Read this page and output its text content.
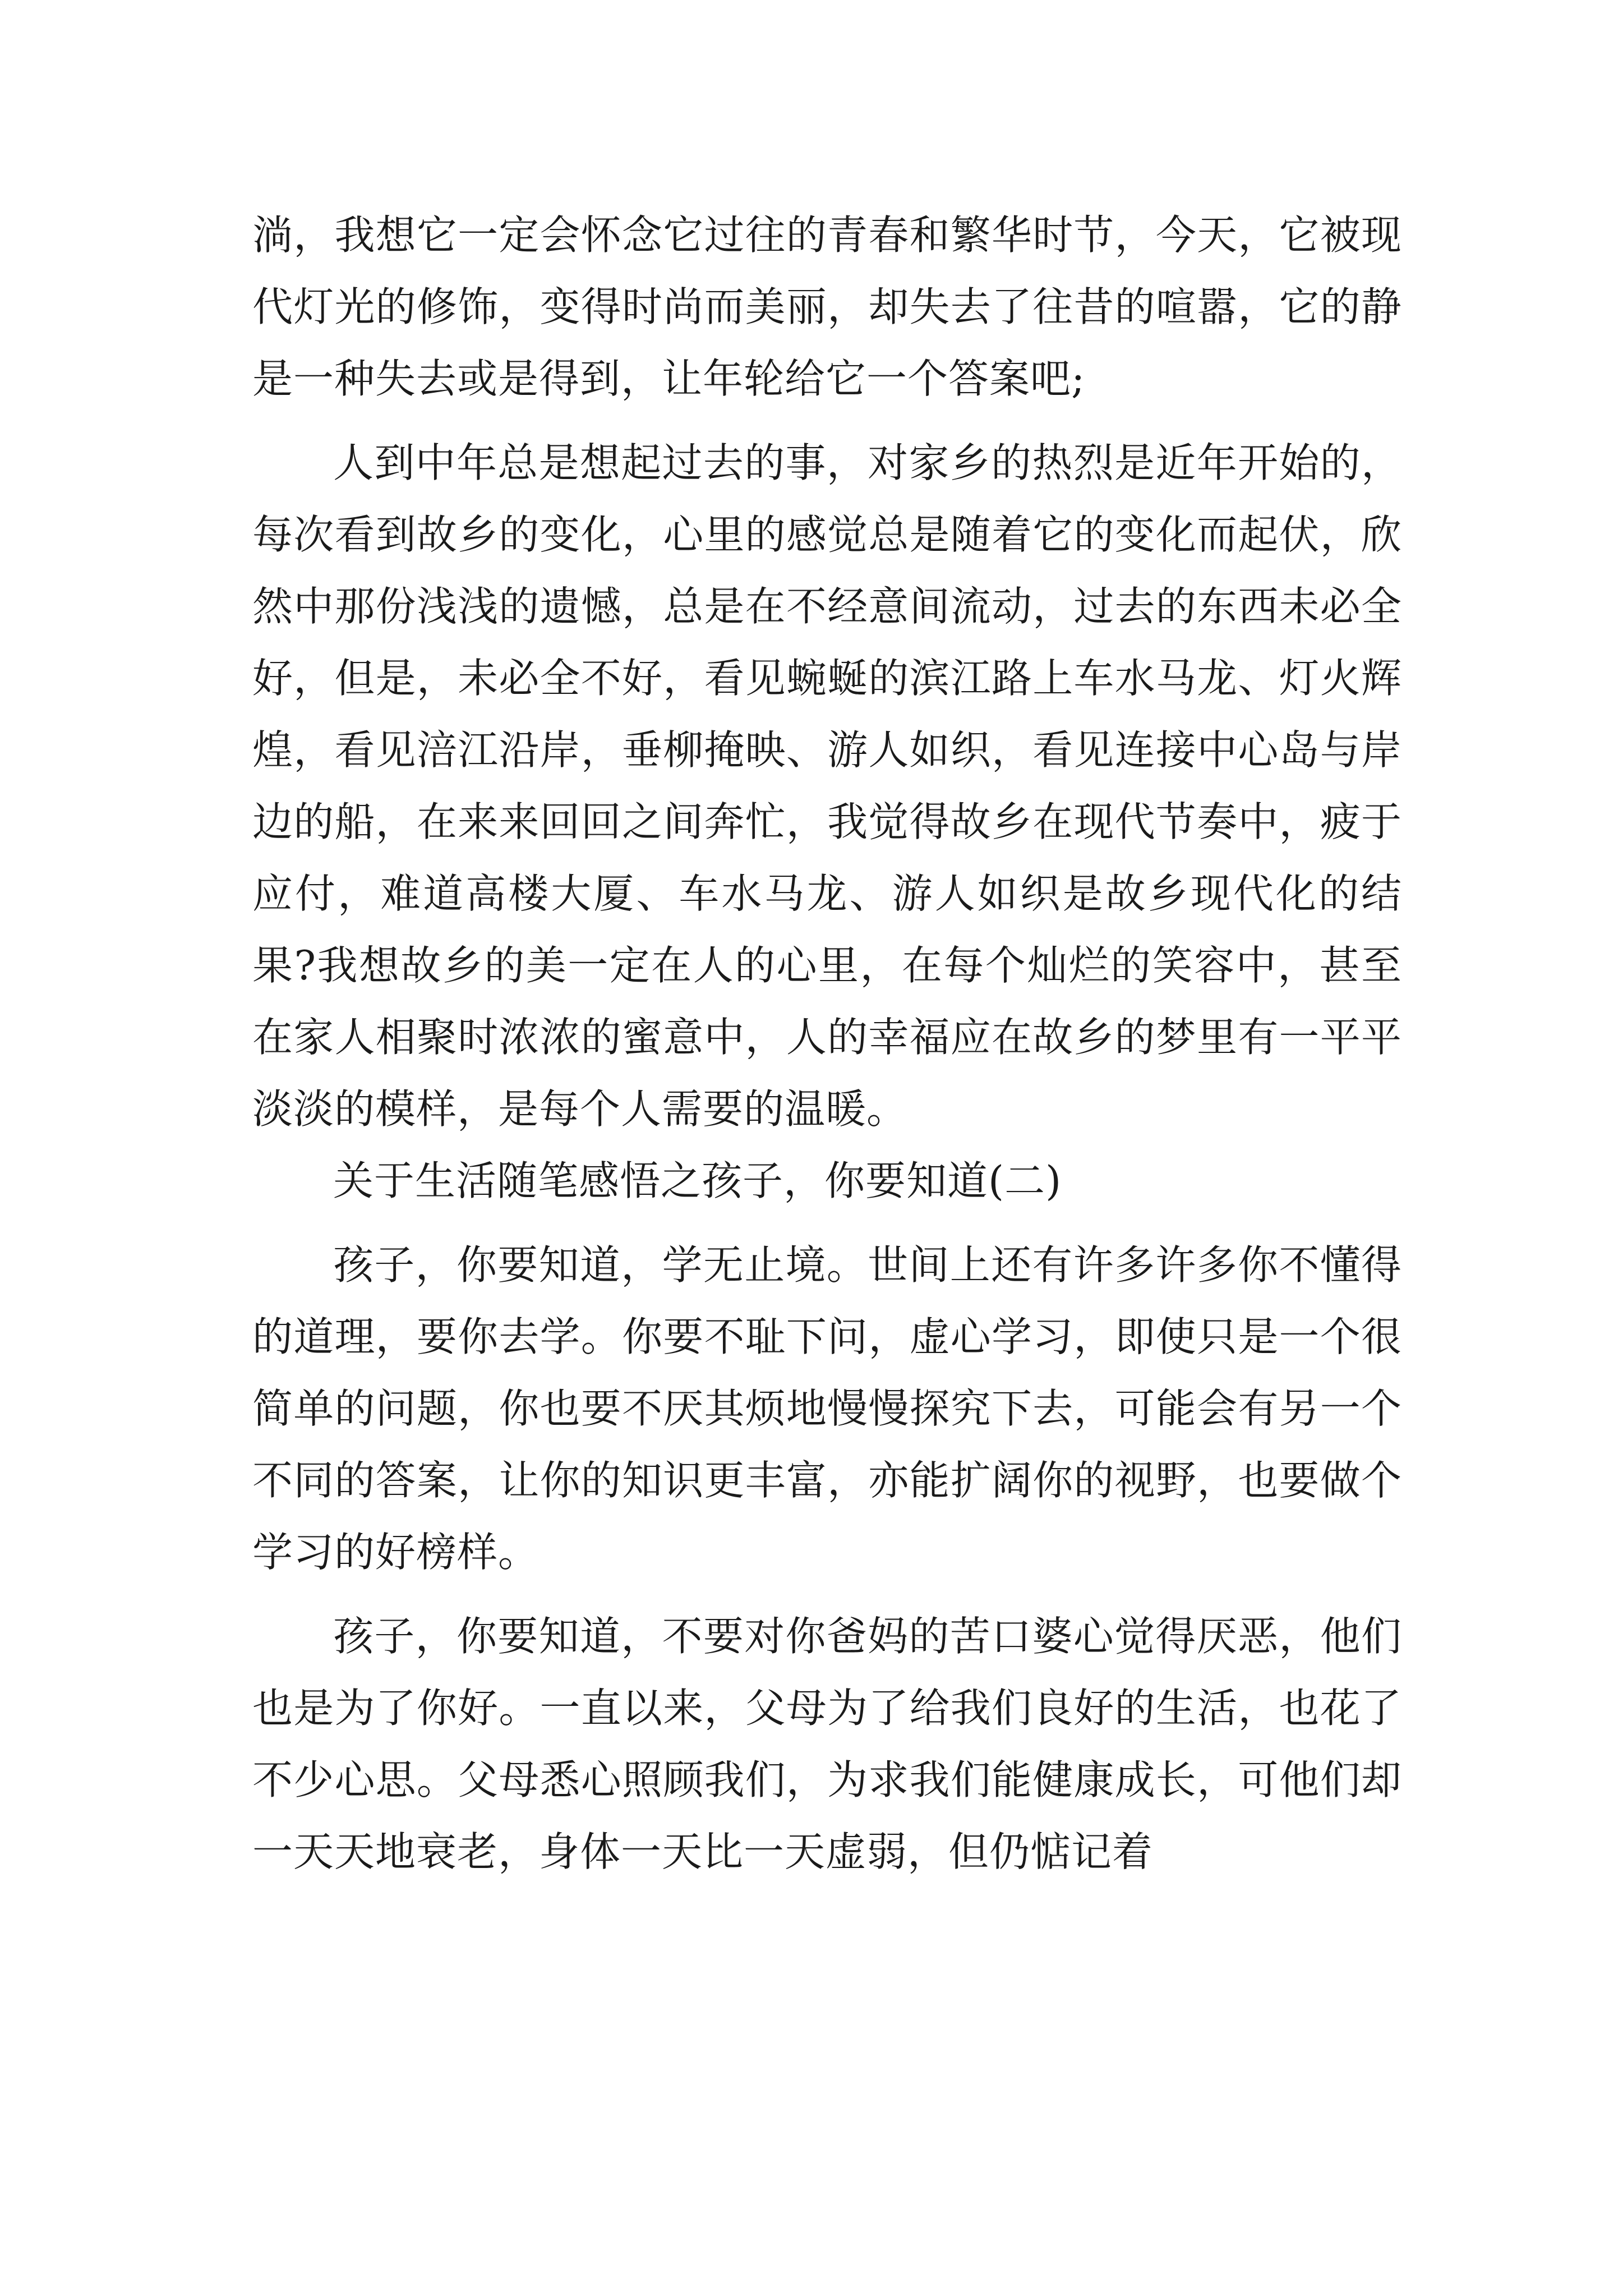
淌，我想它一定会怀念它过往的青春和繁华时节，今天，它被现代灯光的修饰，变得时尚而美丽，却失去了往昔的喧嚣，它的静是一种失去或是得到，让年轮给它一个答案吧;

人到中年总是想起过去的事，对家乡的热烈是近年开始的，每次看到故乡的变化，心里的感觉总是随着它的变化而起伏，欣然中那份浅浅的遗憾，总是在不经意间流动，过去的东西未必全好，但是，未必全不好，看见蜿蜒的滨江路上车水马龙、灯火辉煌，看见涪江沿岸，垂柳掩映、游人如织，看见连接中心岛与岸边的船，在来来回回之间奔忙，我觉得故乡在现代节奏中，疲于应付，难道高楼大厦、车水马龙、游人如织是故乡现代化的结果?我想故乡的美一定在人的心里，在每个灿烂的笑容中，甚至在家人相聚时浓浓的蜜意中，人的幸福应在故乡的梦里有一平平淡淡的模样，是每个人需要的温暖。

关于生活随笔感悟之孩子，你要知道(二)

孩子，你要知道，学无止境。世间上还有许多许多你不懂得的道理，要你去学。你要不耻下问，虚心学习，即使只是一个很简单的问题，你也要不厌其烦地慢慢探究下去，可能会有另一个不同的答案，让你的知识更丰富，亦能扩阔你的视野，也要做个学习的好榜样。

孩子，你要知道，不要对你爸妈的苦口婆心觉得厌恶，他们也是为了你好。一直以来，父母为了给我们良好的生活，也花了不少心思。父母悉心照顾我们，为求我们能健康成长，可他们却一天天地衰老，身体一天比一天虚弱，但仍惦记着
